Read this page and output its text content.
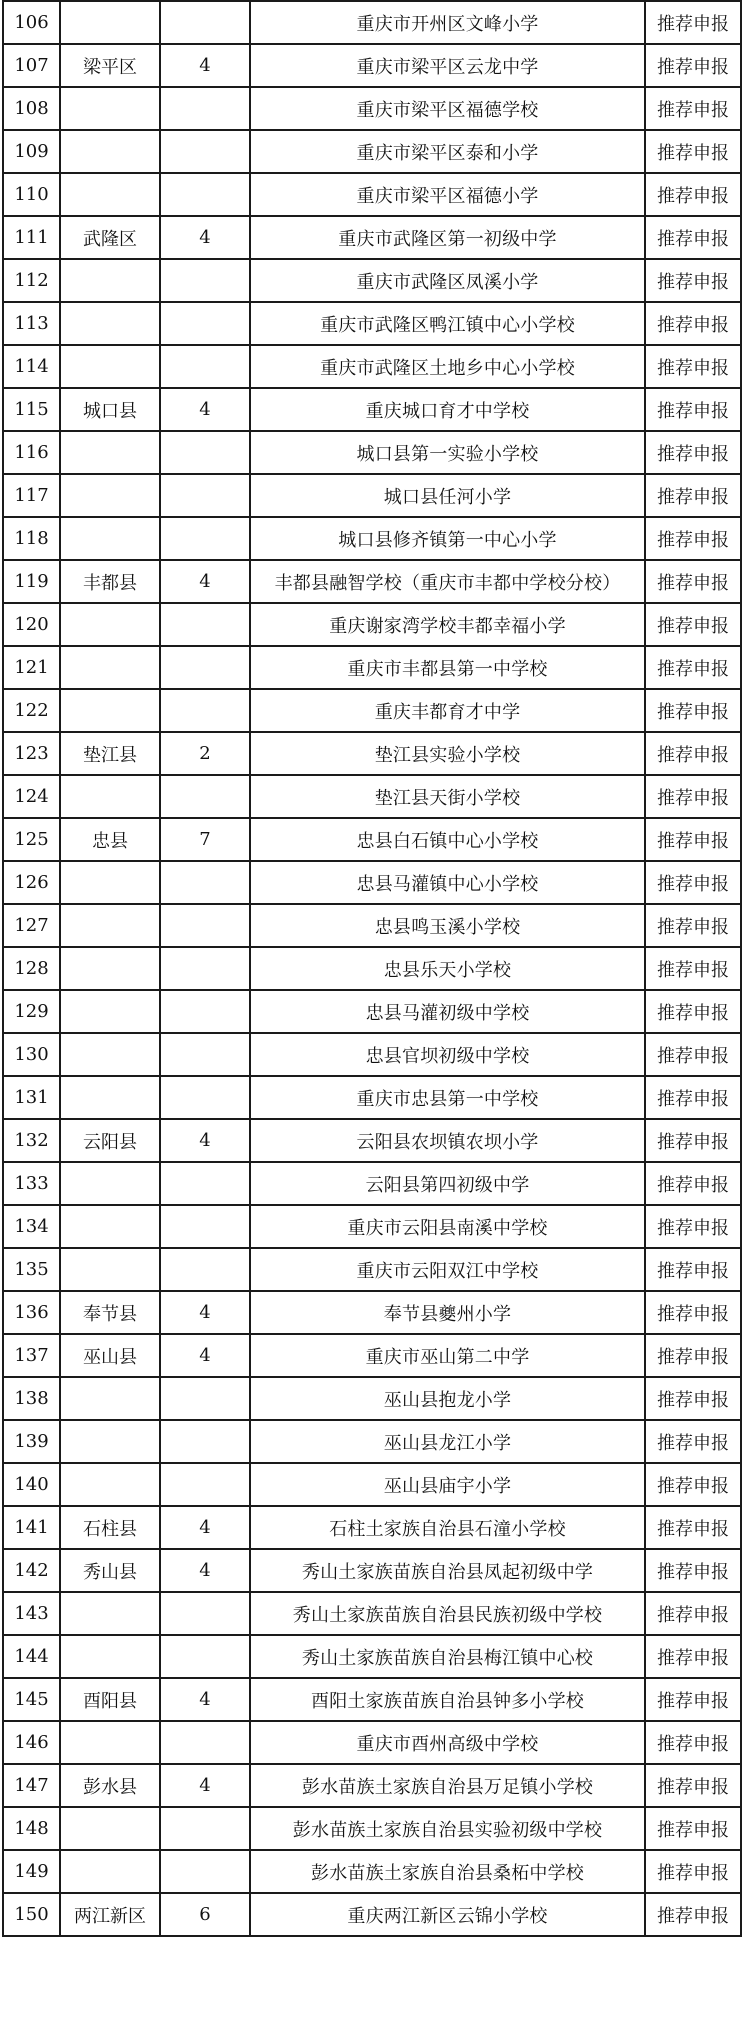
106			重庆市开州区文峰小学	推荐申报
107	梁平区	4	重庆市梁平区云龙中学	推荐申报
108			重庆市梁平区福德学校	推荐申报
109			重庆市梁平区泰和小学	推荐申报
110			重庆市梁平区福德小学	推荐申报
111	武隆区	4	重庆市武隆区第一初级中学	推荐申报
112			重庆市武隆区凤溪小学	推荐申报
113			重庆市武隆区鸭江镇中心小学校	推荐申报
114			重庆市武隆区土地乡中心小学校	推荐申报
115	城口县	4	重庆城口育才中学校	推荐申报
116			城口县第一实验小学校	推荐申报
117			城口县任河小学	推荐申报
118			城口县修齐镇第一中心小学	推荐申报
119	丰都县	4	丰都县融智学校（重庆市丰都中学校分校）	推荐申报
120			重庆谢家湾学校丰都幸福小学	推荐申报
121			重庆市丰都县第一中学校	推荐申报
122			重庆丰都育才中学	推荐申报
123	垫江县	2	垫江县实验小学校	推荐申报
124			垫江县天街小学校	推荐申报
125	忠县	7	忠县白石镇中心小学校	推荐申报
126			忠县马灌镇中心小学校	推荐申报
127			忠县鸣玉溪小学校	推荐申报
128			忠县乐天小学校	推荐申报
129			忠县马灌初级中学校	推荐申报
130			忠县官坝初级中学校	推荐申报
131			重庆市忠县第一中学校	推荐申报
132	云阳县	4	云阳县农坝镇农坝小学	推荐申报
133			云阳县第四初级中学	推荐申报
134			重庆市云阳县南溪中学校	推荐申报
135			重庆市云阳双江中学校	推荐申报
136	奉节县	4	奉节县夔州小学	推荐申报
137	巫山县	4	重庆市巫山第二中学	推荐申报
138			巫山县抱龙小学	推荐申报
139			巫山县龙江小学	推荐申报
140			巫山县庙宇小学	推荐申报
141	石柱县	4	石柱土家族自治县石潼小学校	推荐申报
142	秀山县	4	秀山土家族苗族自治县凤起初级中学	推荐申报
143			秀山土家族苗族自治县民族初级中学校	推荐申报
144			秀山土家族苗族自治县梅江镇中心校	推荐申报
145	酉阳县	4	酉阳土家族苗族自治县钟多小学校	推荐申报
146			重庆市酉州高级中学校	推荐申报
147	彭水县	4	彭水苗族土家族自治县万足镇小学校	推荐申报
148			彭水苗族土家族自治县实验初级中学校	推荐申报
149			彭水苗族土家族自治县桑柘中学校	推荐申报
150	两江新区	6	重庆两江新区云锦小学校	推荐申报
